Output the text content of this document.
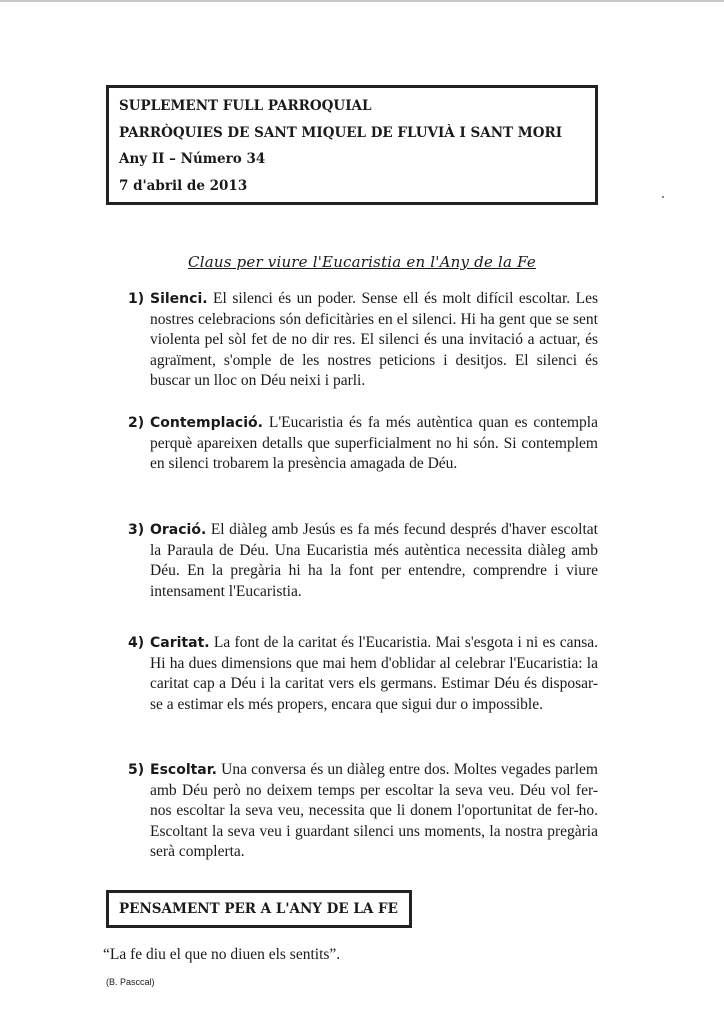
SUPLEMENT FULL PARROQUIAL
PARRÒQUIES DE SANT MIQUEL DE FLUVIÀ I SANT MORI
Any II – Número 34
7 d'abril de 2013
Claus per viure l'Eucaristia en l'Any de la Fe
1) Silenci. El silenci és un poder. Sense ell és molt difícil escoltar. Les nostres celebracions són deficitàries en el silenci. Hi ha gent que se sent violenta pel sòl fet de no dir res. El silenci és una invitació a actuar, és agraïment, s'omple de les nostres peticions i desitjos. El silenci és buscar un lloc on Déu neixi i parli.
2) Contemplació. L'Eucaristia és fa més autèntica quan es contempla perquè apareixen detalls que superficialment no hi són. Si contemplem en silenci trobarem la presència amagada de Déu.
3) Oració. El diàleg amb Jesús es fa més fecund després d'haver escoltat la Paraula de Déu. Una Eucaristia més autèntica necessita diàleg amb Déu. En la pregària hi ha la font per entendre, comprendre i viure intensament l'Eucaristia.
4) Caritat. La font de la caritat és l'Eucaristia. Mai s'esgota i ni es cansa. Hi ha dues dimensions que mai hem d'oblidar al celebrar l'Eucaristia: la caritat cap a Déu i la caritat vers els germans. Estimar Déu és disposar-se a estimar els més propers, encara que sigui dur o impossible.
5) Escoltar. Una conversa és un diàleg entre dos. Moltes vegades parlem amb Déu però no deixem temps per escoltar la seva veu. Déu vol fer-nos escoltar la seva veu, necessita que li donem l'oportunitat de fer-ho. Escoltant la seva veu i guardant silenci uns moments, la nostra pregària serà complerta.
PENSAMENT PER A L'ANY DE LA FE
“La fe diu el que no diuen els sentits”.
(B. Pasccal)
